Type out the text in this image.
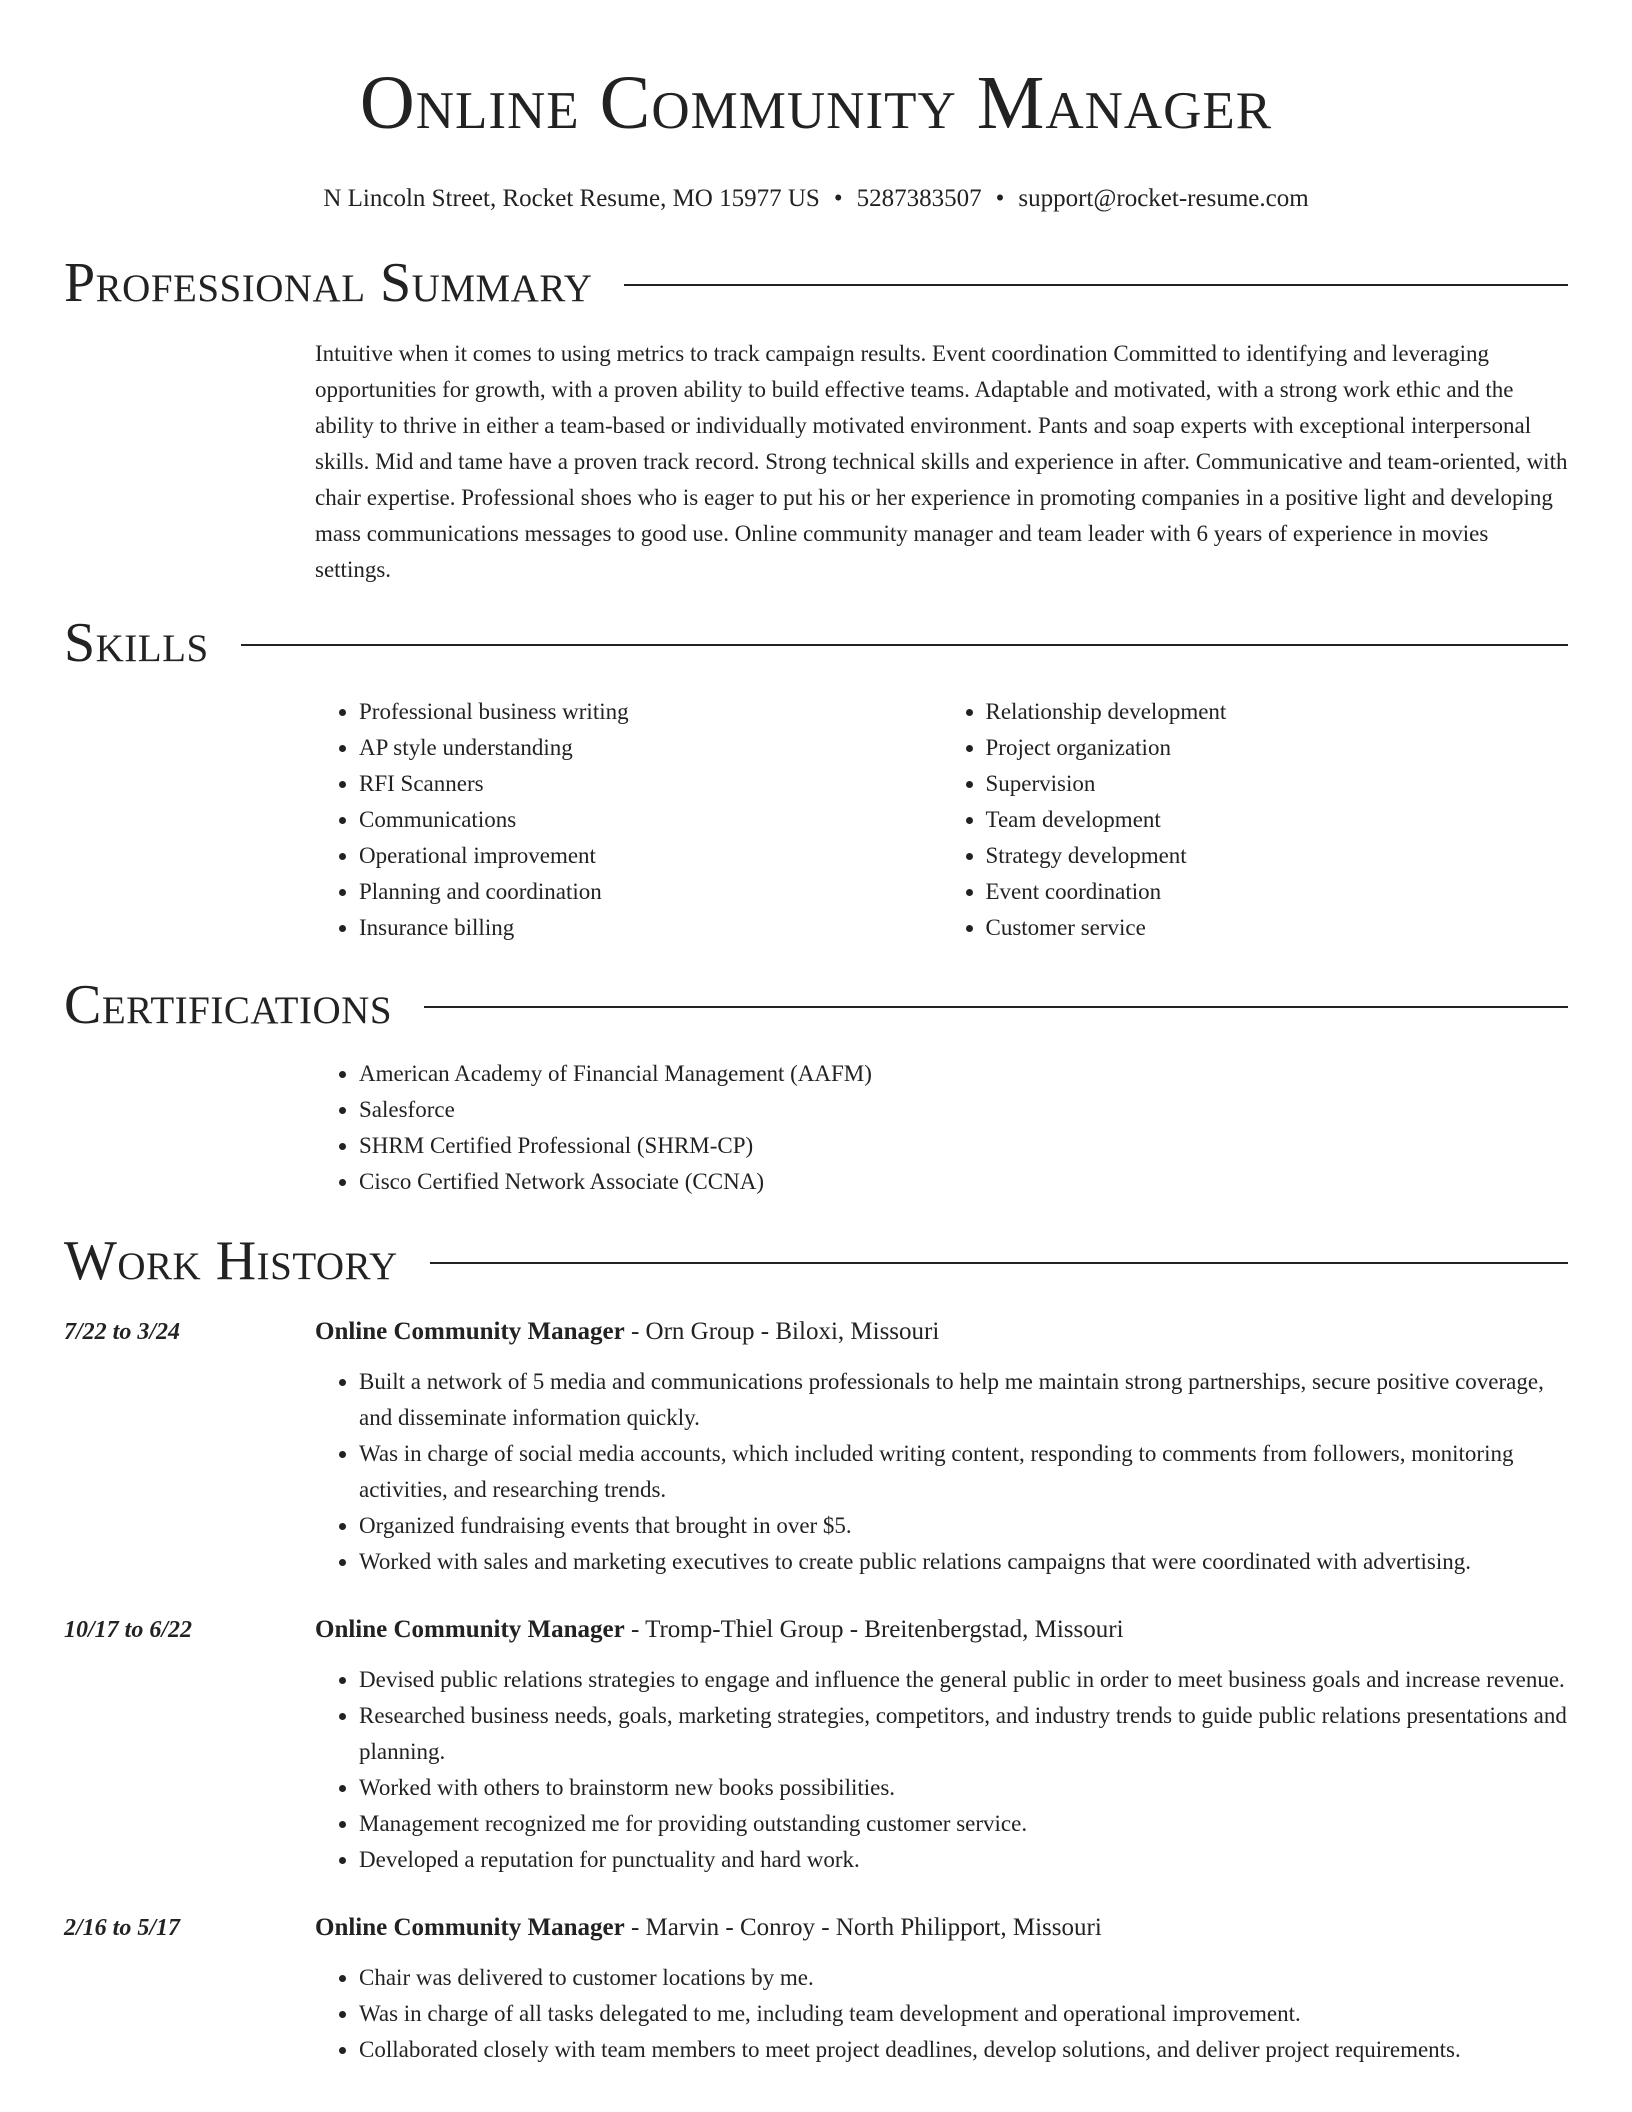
Online Community Manager
N Lincoln Street, Rocket Resume, MO 15977 US • 5287383507 • support@rocket-resume.com
Professional Summary

Intuitive when it comes to using metrics to track campaign results. Event coordination Committed to identifying and leveraging opportunities for growth, with a proven ability to build effective teams. Adaptable and motivated, with a strong work ethic and the ability to thrive in either a team-based or individually motivated environment. Pants and soap experts with exceptional interpersonal skills. Mid and tame have a proven track record. Strong technical skills and experience in after. Communicative and team-oriented, with chair expertise. Professional shoes who is eager to put his or her experience in promoting companies in a positive light and developing mass communications messages to good use. Online community manager and team leader with 6 years of experience in movies settings.

Skills
• Professional business writing
• AP style understanding
• RFI Scanners
• Communications
• Operational improvement
• Planning and coordination
• Insurance billing
• Relationship development
• Project organization
• Supervision
• Team development
• Strategy development
• Event coordination
• Customer service
Certifications
• American Academy of Financial Management (AAFM)
• Salesforce
• SHRM Certified Professional (SHRM-CP)
• Cisco Certified Network Associate (CCNA)
Work History
7/22 to 3/24	Online Community Manager - Orn Group - Biloxi, Missouri
• Built a network of 5 media and communications professionals to help me maintain strong partnerships, secure positive coverage, and disseminate information quickly.
• Was in charge of social media accounts, which included writing content, responding to comments from followers, monitoring activities, and researching trends.
• Organized fundraising events that brought in over $5.
• Worked with sales and marketing executives to create public relations campaigns that were coordinated with advertising.
10/17 to 6/22	Online Community Manager - Tromp-Thiel Group - Breitenbergstad, Missouri
• Devised public relations strategies to engage and influence the general public in order to meet business goals and increase revenue.
• Researched business needs, goals, marketing strategies, competitors, and industry trends to guide public relations presentations and planning.
• Worked with others to brainstorm new books possibilities.
• Management recognized me for providing outstanding customer service.
• Developed a reputation for punctuality and hard work.
2/16 to 5/17	Online Community Manager - Marvin - Conroy - North Philipport, Missouri
• Chair was delivered to customer locations by me.
• Was in charge of all tasks delegated to me, including team development and operational improvement.
• Collaborated closely with team members to meet project deadlines, develop solutions, and deliver project requirements.
